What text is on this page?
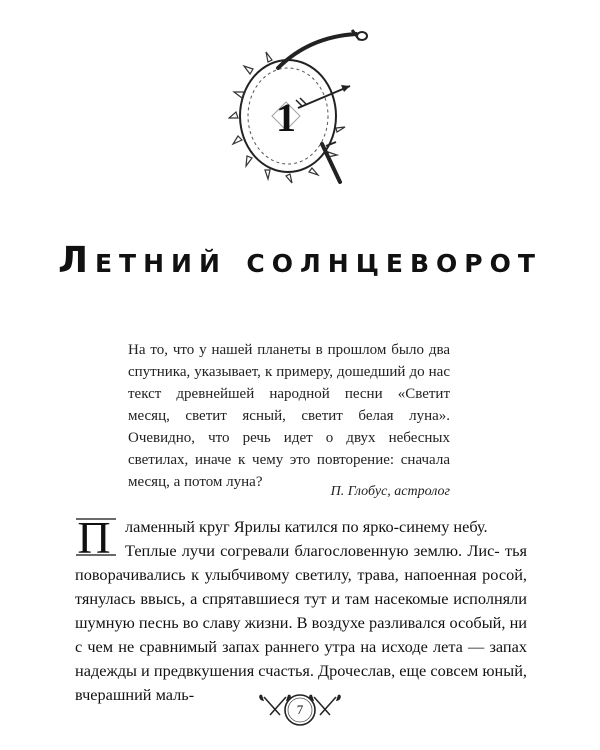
1
Летний солнцеворот

На то, что у нашей планеты в прошлом было два спутника, указывает, к примеру, дошедший до нас текст древнейшей народной песни «Светит месяц, светит ясный, светит белая луна». Очевидно, что речь идет о двух небесных светилах, иначе к чему это повторение: сначала месяц, а потом луна?

П. Глобус, астролог
П ламенный круг Ярилы катился по ярко-синему небу.
Теплые лучи согревали благословенную землю. Лис- тья поворачивались к улыбчивому светилу, трава, напоенная росой, тянулась ввысь, а спрятавшиеся тут и там насекомые исполняли шумную песнь во славу жизни. В воздухе разливался особый, ни с чем не сравнимый запах раннего утра на исходе лета — запах надежды и предвкушения счастья. Дрочеслав, еще совсем юный, вчерашний маль-
7
